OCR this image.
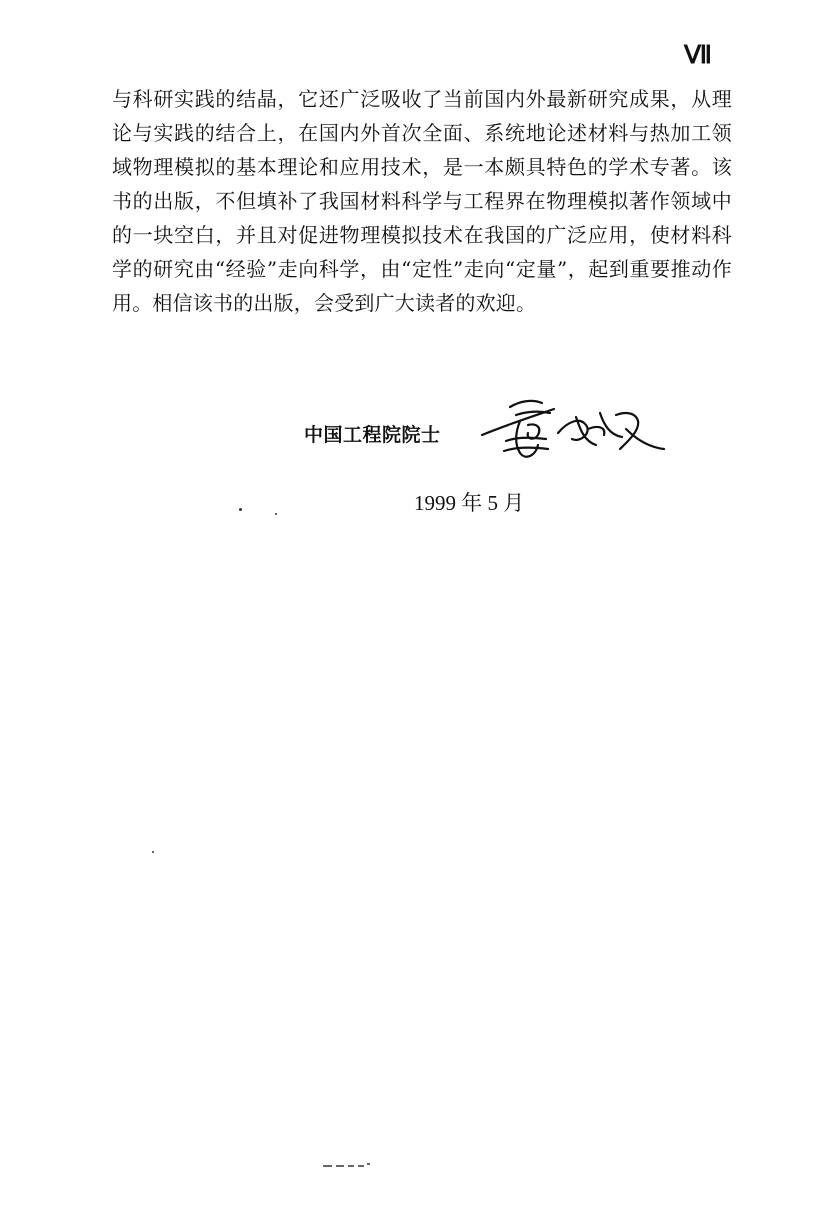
Ⅶ

与科研实践的结晶，它还广泛吸收了当前国内外最新研究成果，从理论与实践的结合上，在国内外首次全面、系统地论述材料与热加工领域物理模拟的基本理论和应用技术，是一本颇具特色的学术专著。该书的出版，不但填补了我国材料科学与工程界在物理模拟著作领域中的一块空白，并且对促进物理模拟技术在我国的广泛应用，使材料科学的研究由“经验”走向科学，由“定性”走向“定量”，起到重要推动作用。相信该书的出版，会受到广大读者的欢迎。

中国工程院院士
1999 年 5 月
